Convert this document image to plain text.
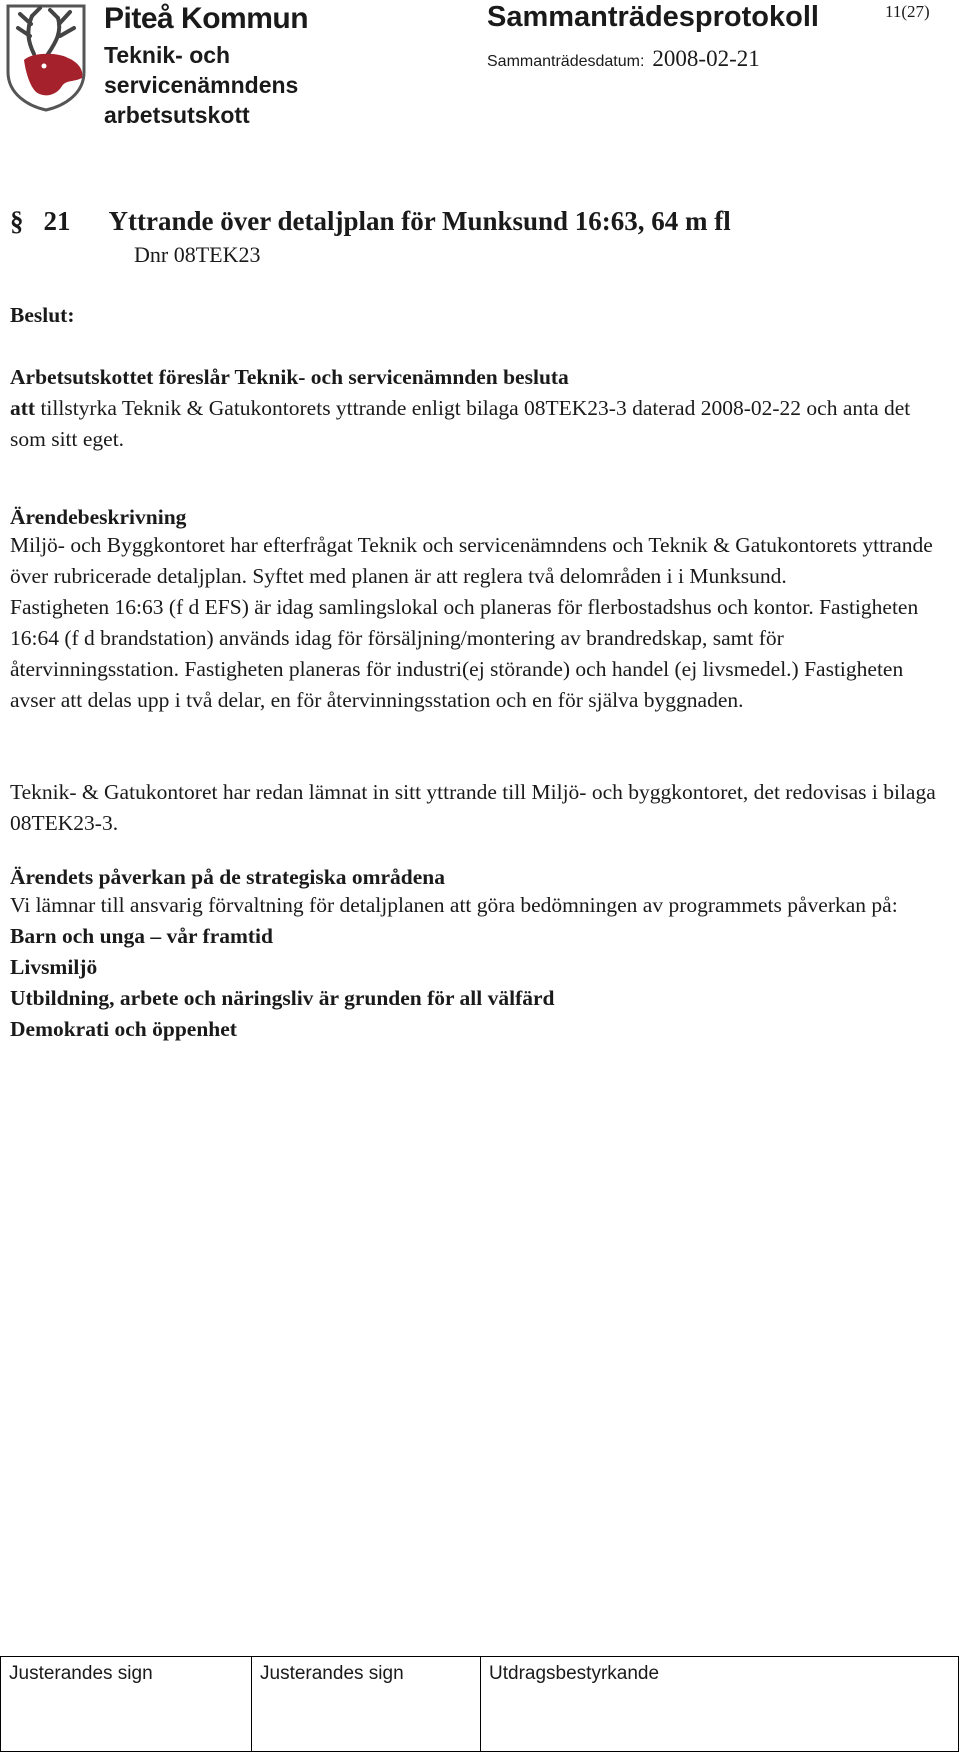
Piteå Kommun
Teknik- och servicenämndens arbetsutskott
Sammanträdesprotokoll	11(27)
Sammanträdesdatum: 2008-02-21
§ 21 Yttrande över detaljplan för Munksund 16:63, 64 m fl
Dnr 08TEK23
Beslut:

Arbetsutskottet föreslår Teknik- och servicenämnden besluta

att tillstyrka Teknik & Gatukontorets yttrande enligt bilaga 08TEK23-3 daterad 2008-02-22 och anta det som sitt eget.

Ärendebeskrivning

Miljö- och Byggkontoret har efterfrågat Teknik och servicenämndens och Teknik & Gatukontorets yttrande över rubricerade detaljplan. Syftet med planen är att reglera två delområden i i Munksund.

Fastigheten 16:63 (f d EFS) är idag samlingslokal och planeras för flerbostadshus och kontor. Fastigheten 16:64 (f d brandstation) används idag för försäljning/montering av brandredskap, samt för återvinningsstation. Fastigheten planeras för industri(ej störande) och handel (ej livsmedel.) Fastigheten avser att delas upp i två delar, en för återvinningsstation och en för själva byggnaden.

Teknik- & Gatukontoret har redan lämnat in sitt yttrande till Miljö- och byggkontoret, det redovisas i bilaga 08TEK23-3.
Ärendets påverkan på de strategiska områdena

Vi lämnar till ansvarig förvaltning för detaljplanen att göra bedömningen av programmets påverkan på:

Barn och unga – vår framtid

Livsmiljö

Utbildning, arbete och näringsliv är grunden för all välfärd

Demokrati och öppenhet

Justerandes sign	Justerandes sign	Utdragsbestyrkande
